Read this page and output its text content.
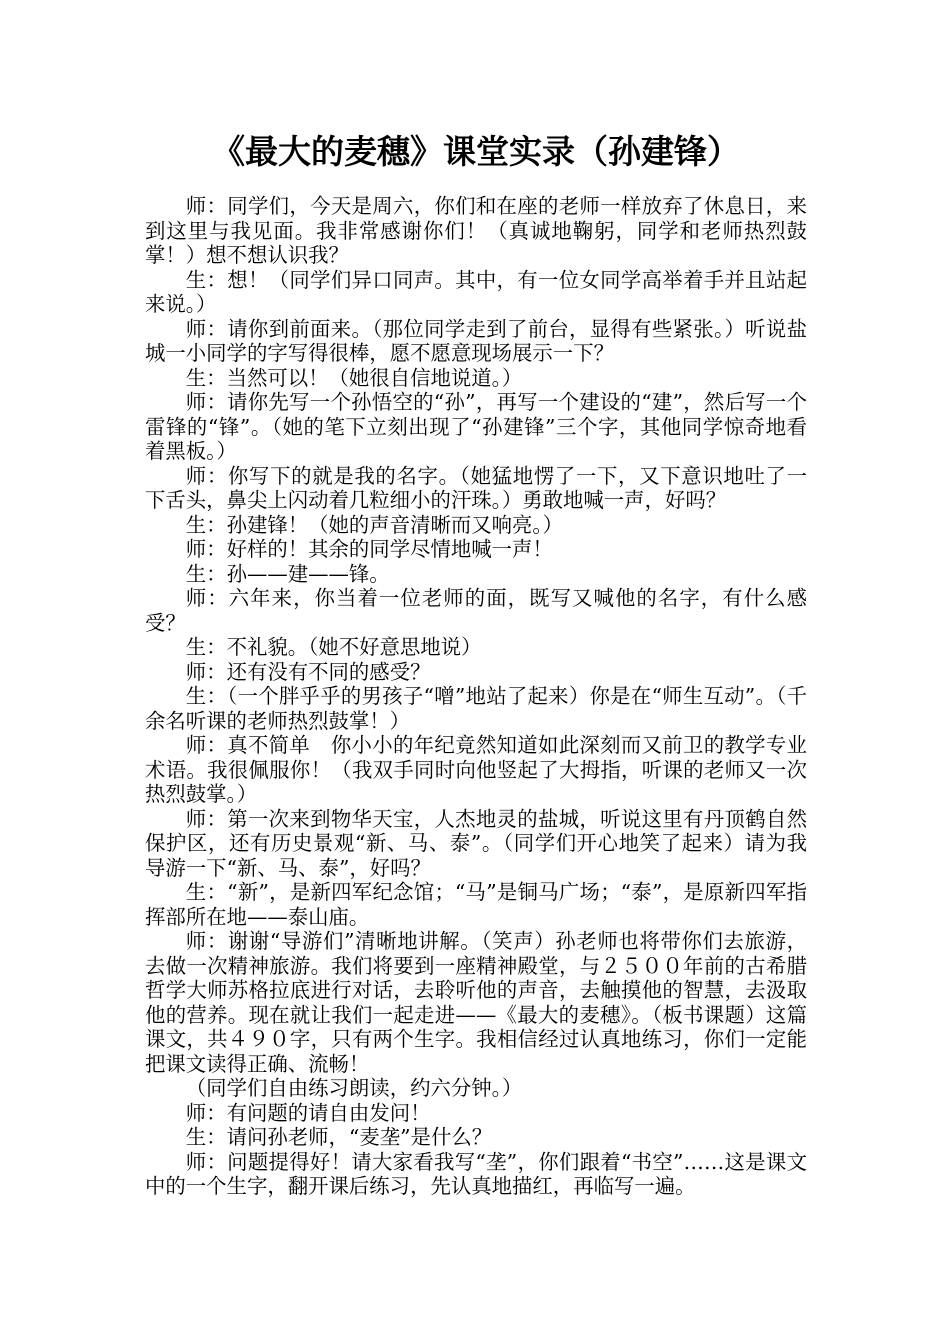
《最大的麦穗》课堂实录（孙建锋）

师：同学们，今天是周六，你们和在座的老师一样放弃了休息日，来到这里与我见面。我非常感谢你们！（真诚地鞠躬，同学和老师热烈鼓掌！）想不想认识我？

生：想！（同学们异口同声。其中，有一位女同学高举着手并且站起来说。）

师：请你到前面来。（那位同学走到了前台，显得有些紧张。）听说盐城一小同学的字写得很棒，愿不愿意现场展示一下？

生：当然可以！（她很自信地说道。）

师：请你先写一个孙悟空的“孙”，再写一个建设的“建”，然后写一个雷锋的“锋”。（她的笔下立刻出现了“孙建锋”三个字，其他同学惊奇地看着黑板。）

师：你写下的就是我的名字。（她猛地愣了一下，又下意识地吐了一下舌头，鼻尖上闪动着几粒细小的汗珠。）勇敢地喊一声，好吗？

生：孙建锋！（她的声音清晰而又响亮。）

师：好样的！其余的同学尽情地喊一声！

生：孙——建——锋。

师：六年来，你当着一位老师的面，既写又喊他的名字，有什么感受？

生：不礼貌。（她不好意思地说）

师：还有没有不同的感受？

生：（一个胖乎乎的男孩子“噌”地站了起来）你是在“师生互动”。（千余名听课的老师热烈鼓掌！）

师：真不简单　你小小的年纪竟然知道如此深刻而又前卫的教学专业术语。我很佩服你！（我双手同时向他竖起了大拇指，听课的老师又一次热烈鼓掌。）

师：第一次来到物华天宝，人杰地灵的盐城，听说这里有丹顶鹤自然保护区，还有历史景观“新、马、泰”。（同学们开心地笑了起来）请为我导游一下“新、马、泰”，好吗？

生：“新”，是新四军纪念馆；“马”是铜马广场；“泰”，是原新四军指挥部所在地——泰山庙。

师：谢谢“导游们”清晰地讲解。（笑声）孙老师也将带你们去旅游，去做一次精神旅游。我们将要到一座精神殿堂，与２５００年前的古希腊哲学大师苏格拉底进行对话，去聆听他的声音，去触摸他的智慧，去汲取他的营养。现在就让我们一起走进——《最大的麦穗》。（板书课题）这篇课文，共４９０字，只有两个生字。我相信经过认真地练习，你们一定能把课文读得正确、流畅！

（同学们自由练习朗读，约六分钟。）

师：有问题的请自由发问！

生：请问孙老师，“麦垄”是什么？

师：问题提得好！请大家看我写“垄”，你们跟着“书空”……这是课文中的一个生字，翻开课后练习，先认真地描红，再临写一遍。
